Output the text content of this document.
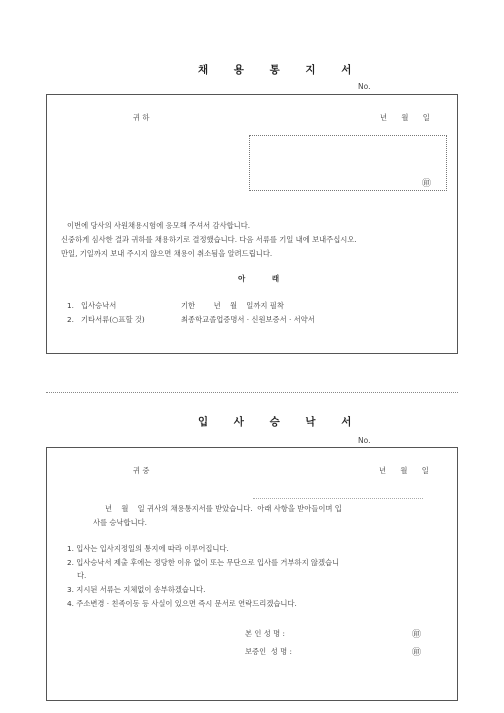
채 용 통 지 서
No.
귀 하	년 월 일
㊞
이번에 당사의 사원채용시험에 응모해 주셔서 감사합니다.
신중하게 심사한 결과 귀하를 채용하기로 결정했습니다. 다음 서류를 기일 내에 보내주십시오.
만일, 기일까지 보내 주시지 않으면 채용이 취소됨을 알려드립니다.
아 래
1. 입사승낙서	기한        년    월    일까지 필착
2. 기타서류(○표할 것)	최종학교졸업증명서 · 신원보증서 · 서약서
입 사 승 낙 서
No.
귀 중	년 월 일
년    월    일 귀사의 채용통지서를 받았습니다.  아래 사항을 받아들이며 입
사를 승낙합니다.
1. 입사는 입사지정일의 통지에 따라 이루어집니다.
2. 입사승낙서 제출 후에는 정당한 이유 없이 또는 무단으로 입사를 거부하지 않겠습니
다.
3. 지시된 서류는 지체없이 송부하겠습니다.
4. 주소변경 · 친족이동 등 사실이 있으면 즉시 문서로 연락드리겠습니다.
본 인 성 명 :	㊞
보증인  성 명 :	㊞
